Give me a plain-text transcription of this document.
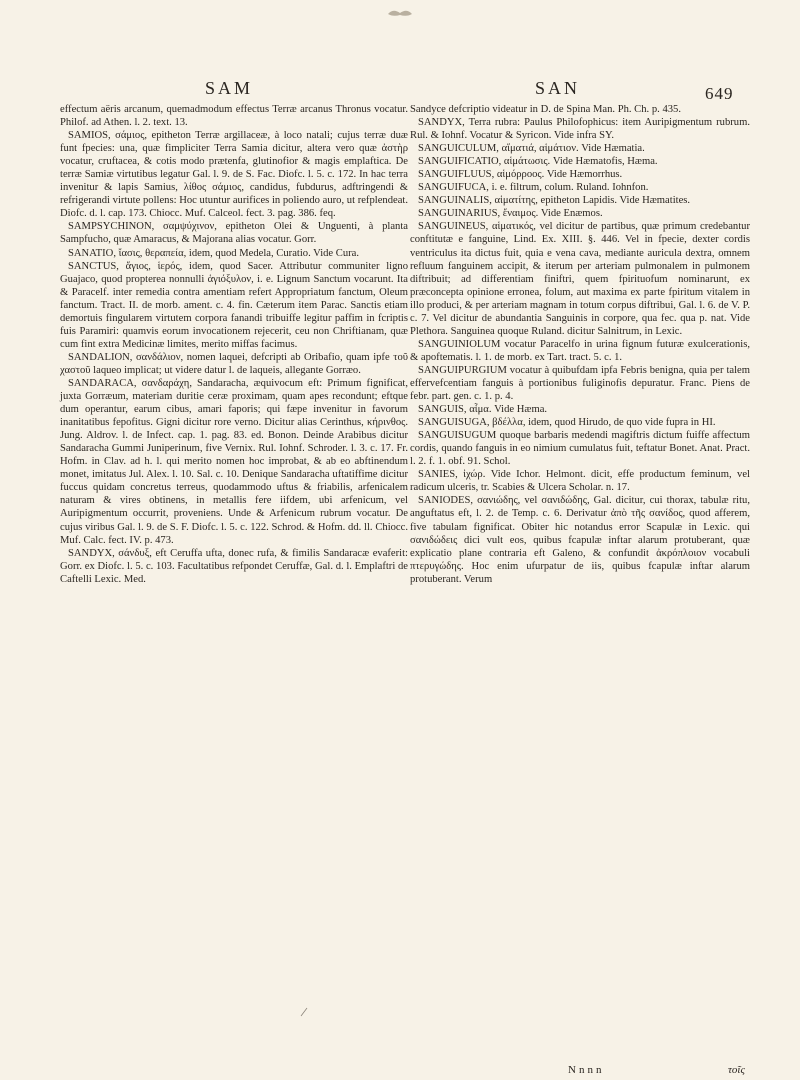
SAM	SAN	649

effectum aëris arcanum, quemadmodum effectus Terræ arcanus Thronus vocatur. Philof. ad Athen. l. 2. text. 13.

SAMIOS, σάμιος, epitheton Terræ argillaceæ, à loco natali; cujus terræ duæ funt fpecies: una, quæ fimpliciter Terra Samia dicitur, altera vero quæ ἀστὴρ vocatur, cruftacea, & cotis modo prætenfa, glutinofior & magis emplaftica. De terræ Samiæ virtutibus legatur Gal. l. 9. de S. Fac. Diofc. l. 5. c. 172. In hac terra invenitur & lapis Samius, λίθος σάμιος, candidus, fubdurus, adftringendi & refrigerandi virtute pollens: Hoc utuntur aurifices in poliendo auro, ut refplendeat. Diofc. d. l. cap. 173. Chiocc. Muf. Calceol. fect. 3. pag. 386. feq.

SAMPSYCHINON, σαμψύχινον, epitheton Olei & Unguenti, à planta Sampfucho, quæ Amaracus, & Majorana alias vocatur. Gorr.

SANATIO, ἴασις, θεραπεία, idem, quod Medela, Curatio. Vide Cura.

SANCTUS, ἅγιος, ἱερός, idem, quod Sacer. Attributur communiter ligno Guajaco, quod propterea nonnulli ἁγιόξυλον, i. e. Lignum Sanctum vocarunt. Ita & Paracelf. inter remedia contra amentiam refert Appropriatum fanctum, Oleum fanctum. Tract. II. de morb. ament. c. 4. fin. Cæterum item Parac. Sanctis etiam demortuis fingularem virtutem corpora fanandi tribuiffe legitur paffim in fcriptis fuis Paramiri: quamvis eorum invocationem rejecerit, ceu non Chriftianam, quæ cum fint extra Medicinæ limites, merito miffas facimus.

SANDALION, σανδάλιον, nomen laquei, defcripti ab Oribafio, quam ipfe τοῦ χαστοῦ laqueo implicat; ut videre datur l. de laqueis, allegante Gorræo.

SANDARACA, σανδαράχη, Sandaracha, æquivocum eft: Primum fignificat, juxta Gorræum, materiam duritie ceræ proximam, quam apes recondunt; eftque dum operantur, earum cibus, amari faporis; qui fæpe invenitur in favorum inanitatibus fepofitus. Gigni dicitur rore verno. Dicitur alias Cerinthus, κήρινθος. Jung. Aldrov. l. de Infect. cap. 1. pag. 83. ed. Bonon. Deinde Arabibus dicitur Sandaracha Gummi Juniperinum, five Vernix. Rul. Iohnf. Schroder. l. 3. c. 17. Fr. Hofm. in Clav. ad h. l. qui merito nomen hoc improbat, & ab eo abftinendum monet, imitatus Jul. Alex. l. 10. Sal. c. 10. Denique Sandaracha uftatiffime dicitur fuccus quidam concretus terreus, quodammodo uftus & friabilis, arfenicalem naturam & vires obtinens, in metallis fere iifdem, ubi arfenicum, vel Auripigmentum occurrit, proveniens. Unde & Arfenicum rubrum vocatur. De cujus viribus Gal. l. 9. de S. F. Diofc. l. 5. c. 122. Schrod. & Hofm. dd. ll. Chiocc. Muf. Calc. fect. IV. p. 473.

SANDYX, σάνδυξ, eft Ceruffa ufta, donec rufa, & fimilis Sandaracæ evaferit: Gorr. ex Diofc. l. 5. c. 103. Facultatibus refpondet Ceruffæ, Gal. d. l. Emplaftri de Caftelli Lexic. Med.

Sandyce defcriptio videatur in D. de Spina Man. Ph. Ch. p. 435.

SANDYX, Terra rubra: Paulus Philofophicus: item Auripigmentum rubrum. Rul. & Iohnf. Vocatur & Syricon. Vide infra SY.

SANGUICULUM, αἵματιά, αἱμάτιον. Vide Hæmatia.

SANGUIFICATIO, αἱμάτωσις. Vide Hæmatofis, Hæma.

SANGUIFLUUS, αἱμόρροος. Vide Hæmorrhus.

SANGUIFUCA, i. e. filtrum, colum. Ruland. Iohnfon.

SANGUINALIS, αἱματίτης, epitheton Lapidis. Vide Hæmatites.

SANGUINARIUS, ἔναιμος. Vide Enæmos.

SANGUINEUS, αἱματικός, vel dicitur de partibus, quæ primum credebantur conftitutæ e fanguine, Lind. Ex. XIII. §. 446. Vel in fpecie, dexter cordis ventriculus ita dictus fuit, quia e vena cava, mediante auricula dextra, omnem refluum fanguinem accipit, & iterum per arteriam pulmonalem in pulmonem diftribuit; ad differentiam finiftri, quem fpirituofum nominarunt, ex præconcepta opinione erronea, folum, aut maxima ex parte fpiritum vitalem in illo produci, & per arteriam magnam in totum corpus diftribui, Gal. l. 6. de V. P. c. 7. Vel dicitur de abundantia Sanguinis in corpore, qua fec. qua p. nat. Vide Plethora. Sanguinea quoque Ruland. dicitur Salnitrum, in Lexic.

SANGUINIOLUM vocatur Paracelfo in urina fignum futuræ exulcerationis, & apoftematis. l. 1. de morb. ex Tart. tract. 5. c. 1.

SANGUIPURGIUM vocatur à quibufdam ipfa Febris benigna, quia per talem effervefcentiam fanguis à portionibus fuliginofis depuratur. Franc. Piens de febr. part. gen. c. 1. p. 4.

SANGUIS, αἷμα. Vide Hæma.

SANGUISUGA, βδέλλα, idem, quod Hirudo, de quo vide fupra in HI.

SANGUISUGUM quoque barbaris medendi magiftris dictum fuiffe affectum cordis, quando fanguis in eo nimium cumulatus fuit, teftatur Bonet. Anat. Pract. l. 2. f. 1. obf. 91. Schol.

SANIES, ἰχώρ. Vide Ichor. Helmont. dicit, effe productum feminum, vel radicum ulceris, tr. Scabies & Ulcera Scholar. n. 17.

SANIODES, σανιώδης, vel σανιδώδης, Gal. dicitur, cui thorax, tabulæ ritu, anguftatus eft, l. 2. de Temp. c. 6. Derivatur ἀπὸ τῆς σανίδος, quod afferem, five tabulam fignificat. Obiter hic notandus error Scapulæ in Lexic. qui σανιδώδεις dici vult eos, quibus fcapulæ inftar alarum protuberant, quæ explicatio plane contraria eft Galeno, & confundit ἀκρόπλοιον vocabuli πτερυγώδης. Hoc enim ufurpatur de iis, quibus fcapulæ inftar alarum protuberant. Verum

Nnnn	τοῖς
